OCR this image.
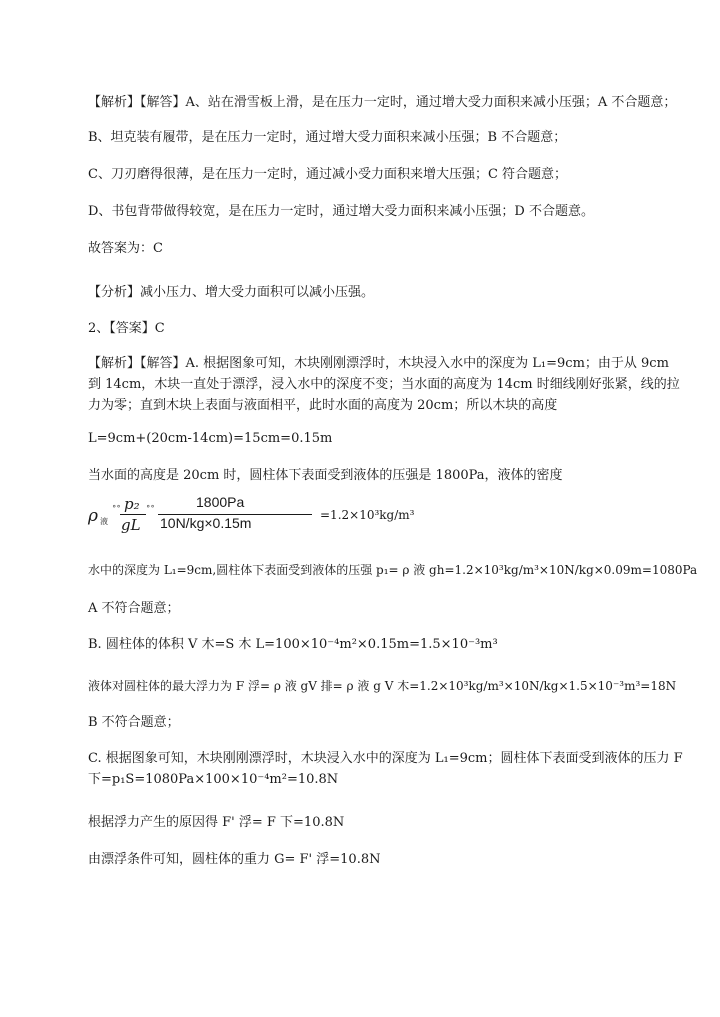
【解析】【解答】A、站在滑雪板上滑，是在压力一定时，通过增大受力面积来减小压强；A 不合题意；

B、坦克装有履带，是在压力一定时，通过增大受力面积来减小压强；B 不合题意；

C、刀刃磨得很薄，是在压力一定时，通过减小受力面积来增大压强；C 符合题意；

D、书包背带做得较宽，是在压力一定时，通过增大受力面积来减小压强；D 不合题意。

故答案为：C

【分析】减小压力、增大受力面积可以减小压强。

2、【答案】C

【解析】【解答】A. 根据图象可知，木块刚刚漂浮时，木块浸入水中的深度为 L₁=9cm；由于从 9cm 到 14cm，木块一直处于漂浮，浸入水中的深度不变；当水面的高度为 14cm 时细线刚好张紧，线的拉力为零；直到木块上表面与液面相平，此时水面的高度为 20cm；所以木块的高度

L=9cm+(20cm-14cm)=15cm=0.15m

当水面的高度是 20cm 时，圆柱体下表面受到液体的压强是 1800Pa，液体的密度

ρ 液
∘∘ p₂
gL
∘∘	1800Pa
10N/kg×0.15m	=1.2×10³kg/m³

水中的深度为 L₁=9cm,圆柱体下表面受到液体的压强 p₁= ρ 液 gh=1.2×10³kg/m³×10N/kg×0.09m=1080Pa

A 不符合题意；

B. 圆柱体的体积 V 木=S 木 L=100×10⁻⁴m²×0.15m=1.5×10⁻³m³

液体对圆柱体的最大浮力为 F 浮= ρ 液 gV 排= ρ 液 g V 木=1.2×10³kg/m³×10N/kg×1.5×10⁻³m³=18N

B 不符合题意；

C. 根据图象可知，木块刚刚漂浮时，木块浸入水中的深度为 L₁=9cm；圆柱体下表面受到液体的压力 F 下=p₁S=1080Pa×100×10⁻⁴m²=10.8N

根据浮力产生的原因得 F' 浮= F 下=10.8N

由漂浮条件可知，圆柱体的重力 G= F' 浮=10.8N
